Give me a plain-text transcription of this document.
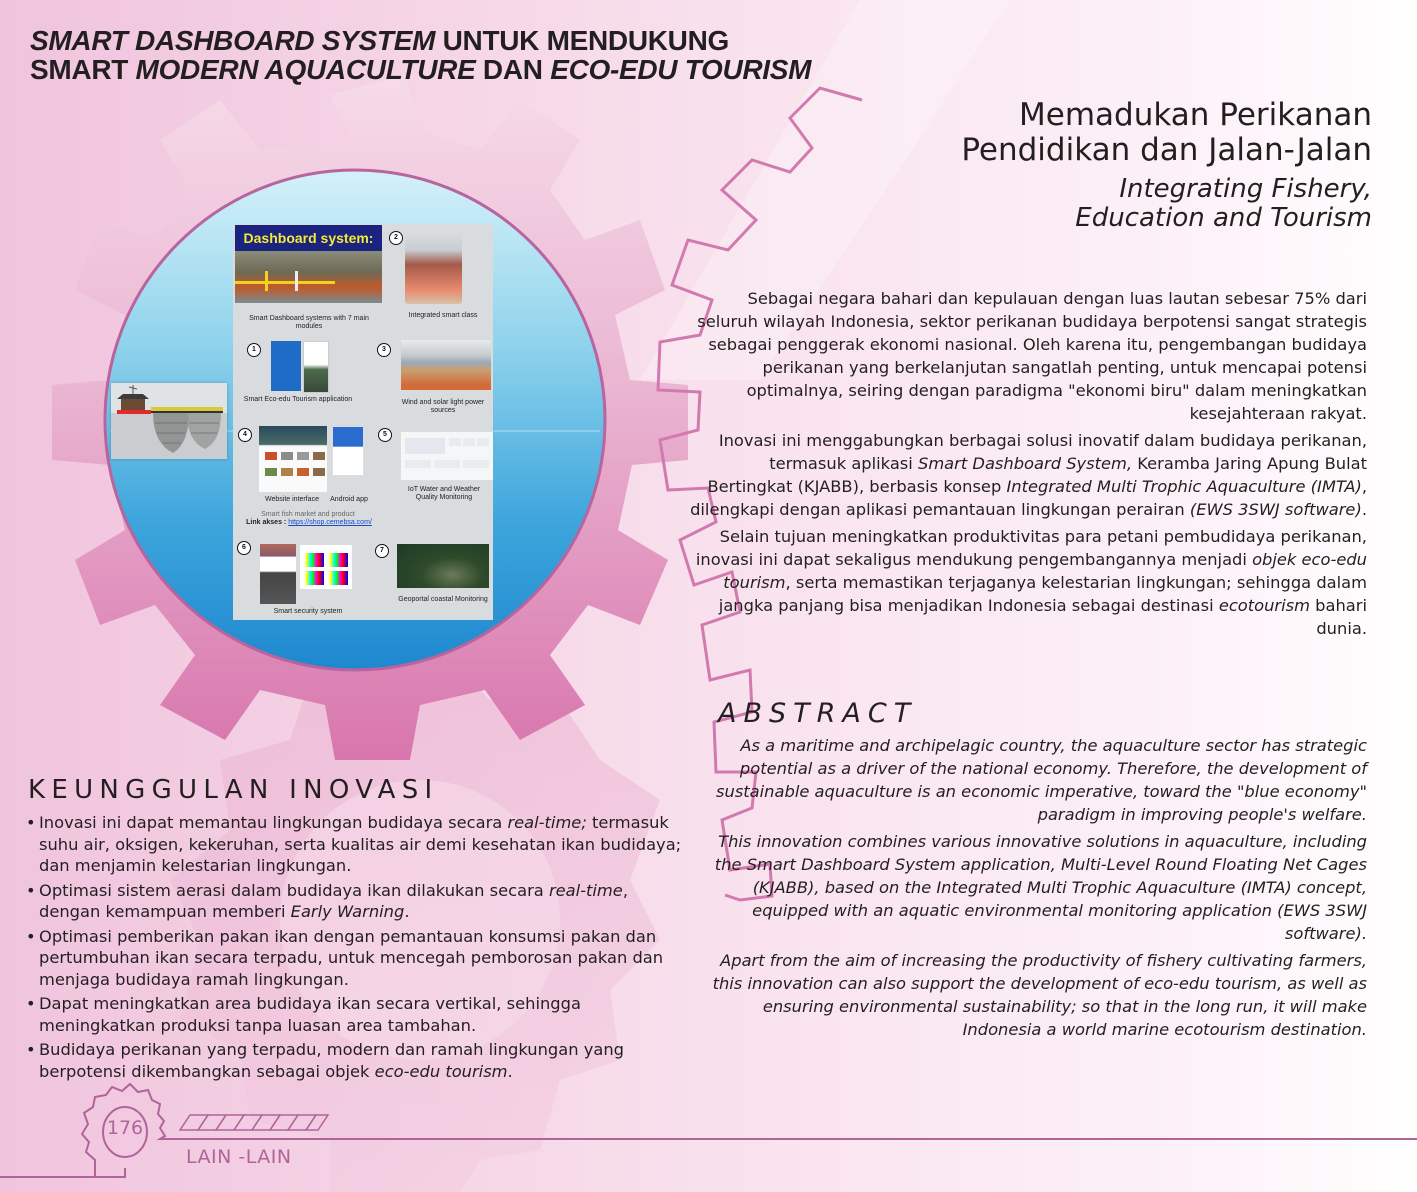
SMART DASHBOARD SYSTEM UNTUK MENDUKUNG
SMART MODERN AQUACULTURE DAN ECO-EDU TOURISM
Memadukan Perikanan
Pendidikan dan Jalan-Jalan
Integrating Fishery,
Education and Tourism

Sebagai negara bahari dan kepulauan dengan luas lautan sebesar 75% dari seluruh wilayah Indonesia, sektor perikanan budidaya berpotensi sangat strategis sebagai penggerak ekonomi nasional. Oleh karena itu, pengembangan budidaya perikanan yang berkelanjutan sangatlah penting, untuk mencapai potensi optimalnya, seiring dengan paradigma "ekonomi biru" dalam meningkatkan kesejahteraan rakyat.

Inovasi ini menggabungkan berbagai solusi inovatif dalam budidaya perikanan, termasuk aplikasi Smart Dashboard System, Keramba Jaring Apung Bulat Bertingkat (KJABB), berbasis konsep Integrated Multi Trophic Aquaculture (IMTA), dilengkapi dengan aplikasi pemantauan lingkungan perairan (EWS 3SWJ software).

Selain tujuan meningkatkan produktivitas para petani pembudidaya perikanan, inovasi ini dapat sekaligus mendukung pengembangannya menjadi objek eco-edu tourism, serta memastikan terjaganya kelestarian lingkungan; sehingga dalam jangka panjang bisa menjadikan Indonesia sebagai destinasi ecotourism bahari dunia.

ABSTRACT

As a maritime and archipelagic country, the aquaculture sector has strategic potential as a driver of the national economy. Therefore, the development of sustainable aquaculture is an economic imperative, toward the "blue economy" paradigm in improving people's welfare.

This innovation combines various innovative solutions in aquaculture, including the Smart Dashboard System application, Multi-Level Round Floating Net Cages (KJABB), based on the Integrated Multi Trophic Aquaculture (IMTA) concept, equipped with an aquatic environmental monitoring application (EWS 3SWJ software).

Apart from the aim of increasing the productivity of fishery cultivating farmers, this innovation can also support the development of eco-edu tourism, as well as ensuring environmental sustainability; so that in the long run, it will make Indonesia a world marine ecotourism destination.

KEUNGGULAN INOVASI
• Inovasi ini dapat memantau lingkungan budidaya secara real-time; termasuk suhu air, oksigen, kekeruhan, serta kualitas air demi kesehatan ikan budidaya; dan menjamin kelestarian lingkungan.
• Optimasi sistem aerasi dalam budidaya ikan dilakukan secara real-time, dengan kemampuan memberi Early Warning.
• Optimasi pemberikan pakan ikan dengan pemantauan konsumsi pakan dan pertumbuhan ikan secara terpadu, untuk mencegah pemborosan pakan dan menjaga budidaya ramah lingkungan.
• Dapat meningkatkan area budidaya ikan secara vertikal, sehingga meningkatkan produksi tanpa luasan area tambahan.
• Budidaya perikanan yang terpadu, modern dan ramah lingkungan yang berpotensi dikembangkan sebagai objek eco-edu tourism.
Dashboard system:
Smart Dashboard systems with 7 main modules
2
Integrated smart class
1
Smart Eco-edu Tourism application
3
Wind and solar light power sources
4
Website interface	Android app
Smart fish market and product
Link akses : https://shop.cemebsa.com/
5
IoT Water and Weather Quality Monitoring
6
Smart security system
7
Geoportal coastal Monitoring
176
LAIN -LAIN
